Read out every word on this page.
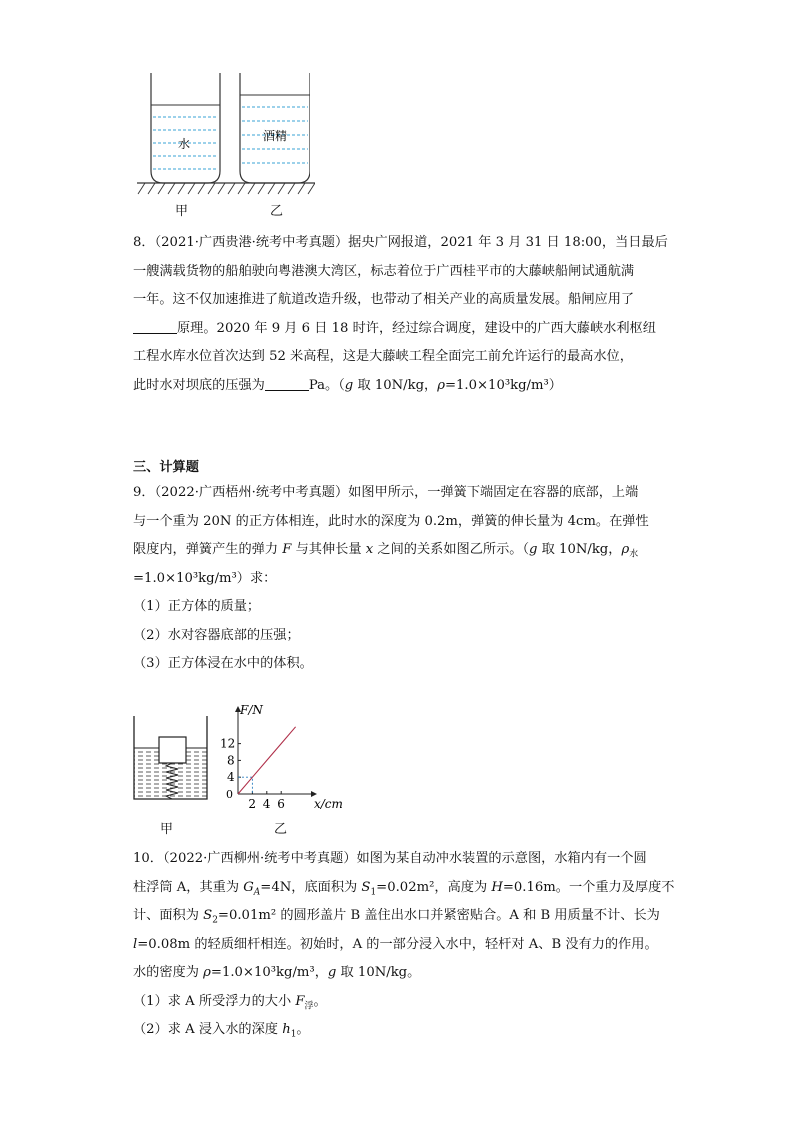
水
酒精
甲	乙
8．（2021·广西贵港·统考中考真题）据央广网报道，2021 年 3 月 31 日 18:00，当日最后
一艘满载货物的船舶驶向粤港澳大湾区，标志着位于广西桂平市的大藤峡船闸试通航满
一年。这不仅加速推进了航道改造升级，也带动了相关产业的高质量发展。船闸应用了
原理。2020 年 9 月 6 日 18 时许，经过综合调度，建设中的广西大藤峡水利枢纽
工程水库水位首次达到 52 米高程，这是大藤峡工程全面完工前允许运行的最高水位，
此时水对坝底的压强为	Pa。（g 取 10N/kg，ρ=1.0×10³kg/m³）
三、计算题
9．（2022·广西梧州·统考中考真题）如图甲所示，一弹簧下端固定在容器的底部，上端
与一个重为 20N 的正方体相连，此时水的深度为 0.2m，弹簧的伸长量为 4cm。在弹性
限度内，弹簧产生的弹力 F 与其伸长量 x 之间的关系如图乙所示。（g 取 10N/kg，$\rho_水$
=1.0×10³kg/m³）求：
（1）正方体的质量；
（2）水对容器底部的压强；
（3）正方体浸在水中的体积。
甲
F/N
x/cm
0
2 4 6
4
8
12
乙
10．（2022·广西柳州·统考中考真题）如图为某自动冲水装置的示意图，水箱内有一个圆
柱浮筒 A，其重为 $G_A=4N$，底面积为 $S_1=0.02m^2$，高度为 H=0.16m。一个重力及厚度不
计、面积为 $S_2=0.01m^2$ 的圆形盖片 B 盖住出水口并紧密贴合。A 和 B 用质量不计、长为
l=0.08m 的轻质细杆相连。初始时，A 的一部分浸入水中，轻杆对 A、B 没有力的作用。
水的密度为 ρ=1.0×10³kg/m³，g 取 10N/kg。
（1）求 A 所受浮力的大小 $F_浮$。
（2）求 A 浸入水的深度 $h_1$。
